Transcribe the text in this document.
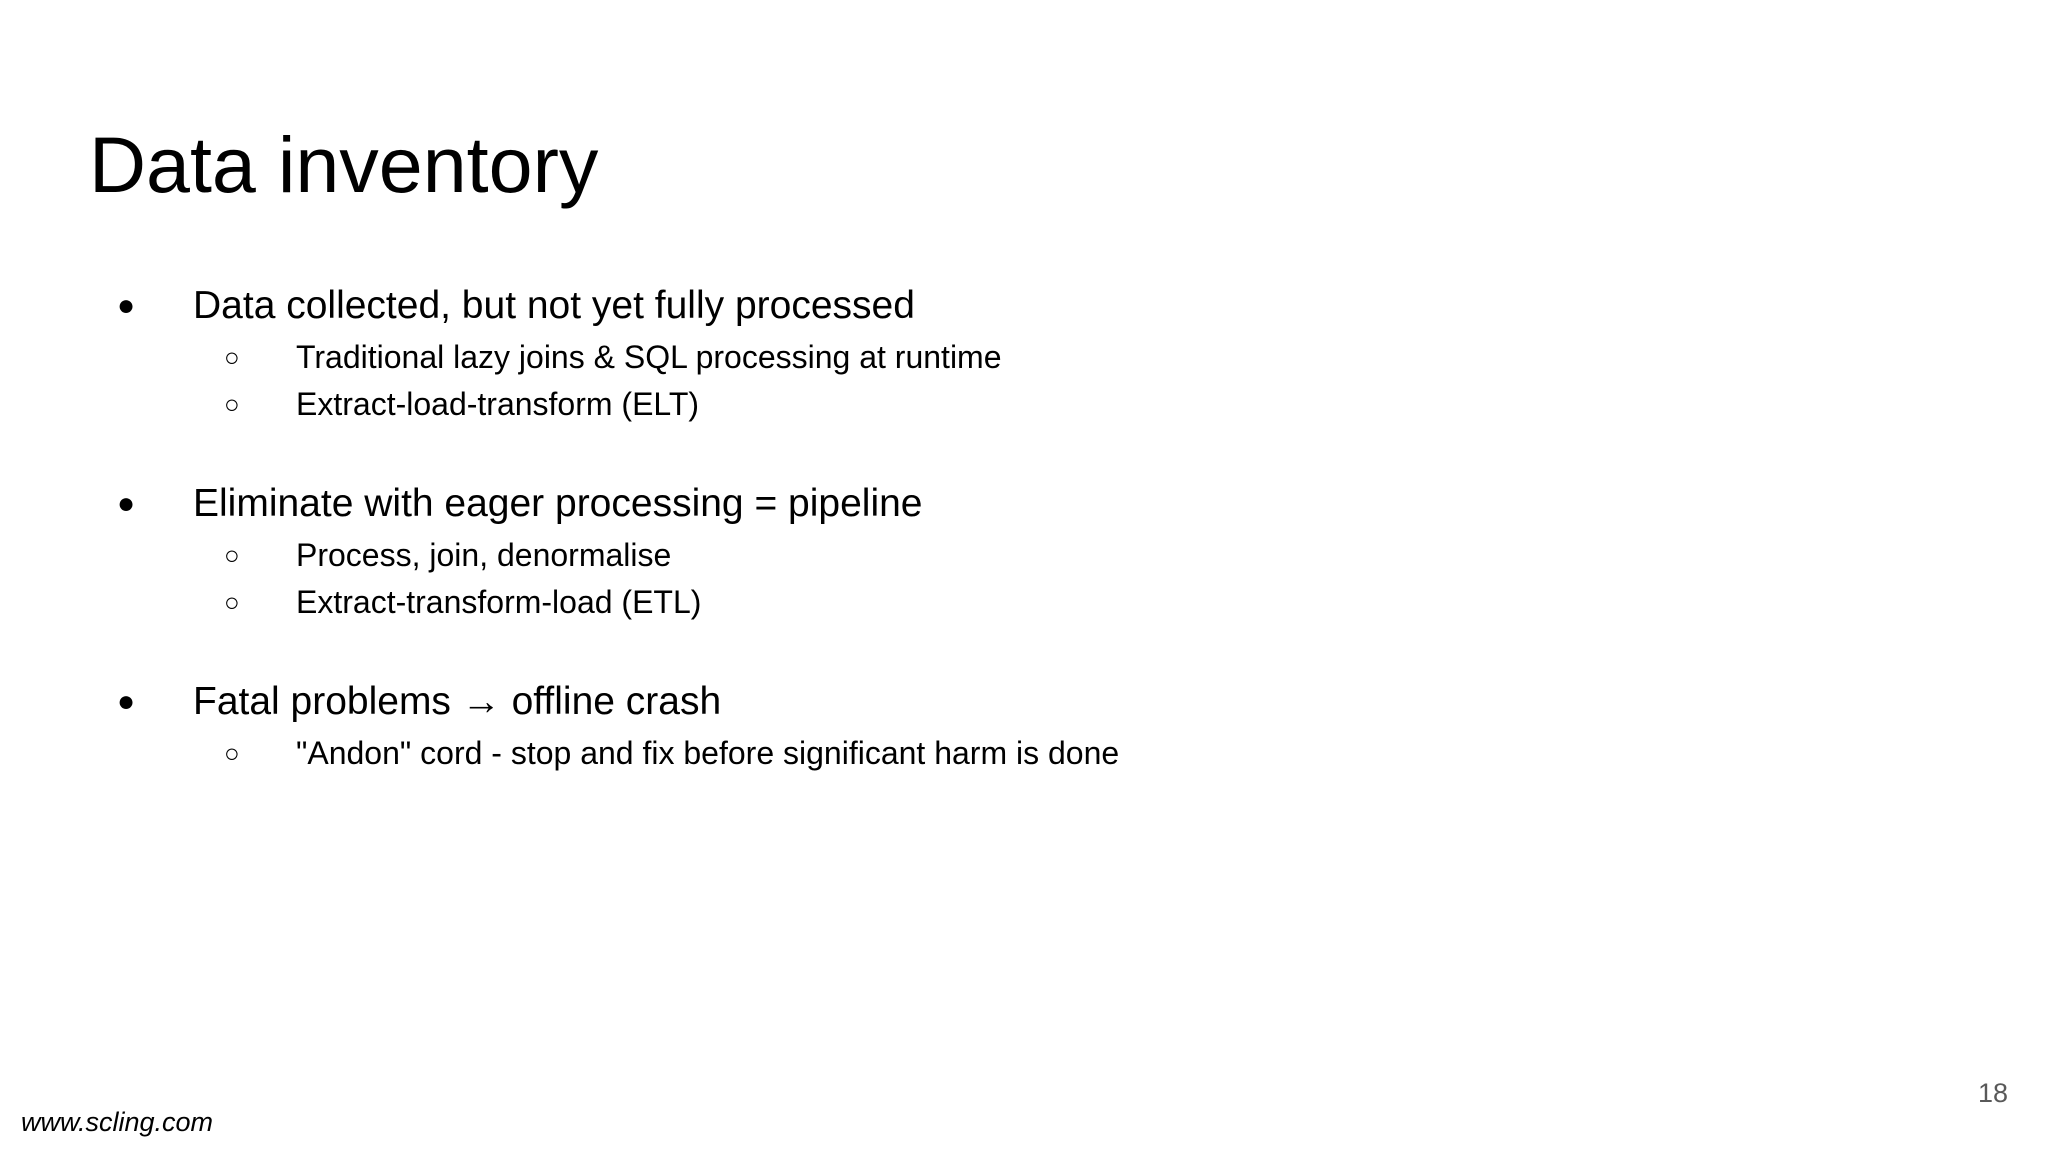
Data inventory
● Data collected, but not yet fully processed
○ Traditional lazy joins & SQL processing at runtime
○ Extract-load-transform (ELT)
● Eliminate with eager processing = pipeline
○ Process, join, denormalise
○ Extract-transform-load (ETL)
● Fatal problems → offline crash
○ "Andon" cord - stop and fix before significant harm is done
www.scling.com
18
